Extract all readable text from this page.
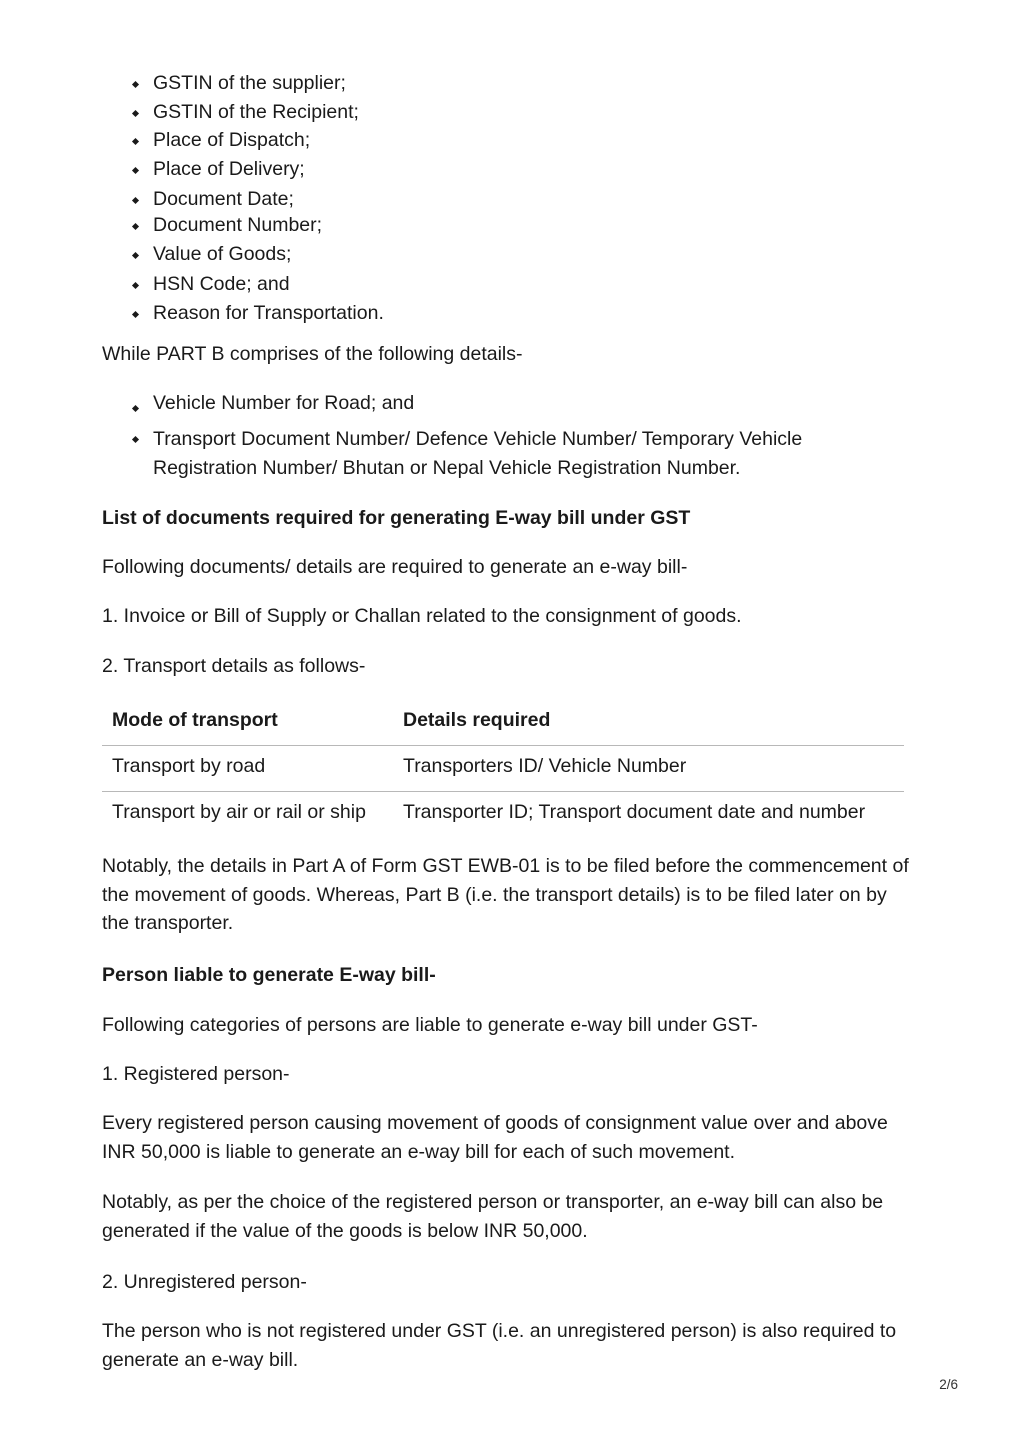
GSTIN of the supplier;
GSTIN of the Recipient;
Place of Dispatch;
Place of Delivery;
Document Date;
Document Number;
Value of Goods;
HSN Code; and
Reason for Transportation.
While PART B comprises of the following details-
Vehicle Number for Road; and
Transport Document Number/ Defence Vehicle Number/ Temporary Vehicle Registration Number/ Bhutan or Nepal Vehicle Registration Number.
List of documents required for generating E-way bill under GST
Following documents/ details are required to generate an e-way bill-
1. Invoice or Bill of Supply or Challan related to the consignment of goods.
2. Transport details as follows-
Mode of transport	Details required
Transport by road	Transporters ID/ Vehicle Number
Transport by air or rail or ship Transporter ID; Transport document date and number
Notably, the details in Part A of Form GST EWB-01 is to be filed before the commencement of the movement of goods. Whereas, Part B (i.e. the transport details) is to be filed later on by the transporter.
Person liable to generate E-way bill-
Following categories of persons are liable to generate e-way bill under GST-
1. Registered person-
Every registered person causing movement of goods of consignment value over and above INR 50,000 is liable to generate an e-way bill for each of such movement.
Notably, as per the choice of the registered person or transporter, an e-way bill can also be generated if the value of the goods is below INR 50,000.
2. Unregistered person-
The person who is not registered under GST (i.e. an unregistered person) is also required to generate an e-way bill.
2/6
